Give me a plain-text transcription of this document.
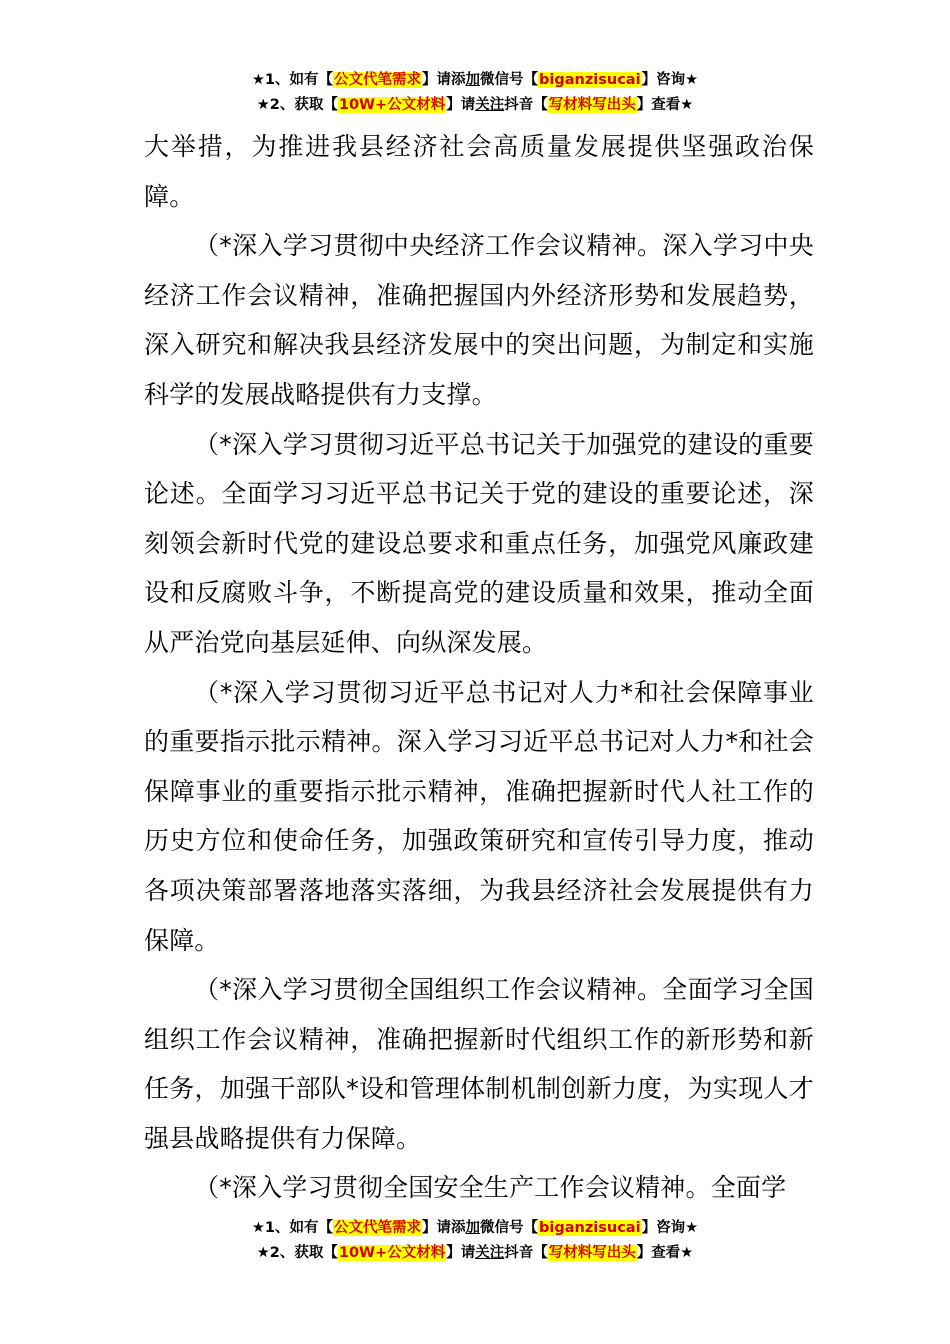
★1、如有【公文代笔需求】请添加微信号【biganzisucai】咨询★
★2、获取【10W+公文材料】请关注抖音【写材料写出头】查看★

大举措，为推进我县经济社会高质量发展提供坚强政治保障。

（*深入学习贯彻中央经济工作会议精神。深入学习中央经济工作会议精神，准确把握国内外经济形势和发展趋势，深入研究和解决我县经济发展中的突出问题，为制定和实施科学的发展战略提供有力支撑。

（*深入学习贯彻习近平总书记关于加强党的建设的重要论述。全面学习习近平总书记关于党的建设的重要论述，深刻领会新时代党的建设总要求和重点任务，加强党风廉政建设和反腐败斗争，不断提高党的建设质量和效果，推动全面从严治党向基层延伸、向纵深发展。

（*深入学习贯彻习近平总书记对人力*和社会保障事业的重要指示批示精神。深入学习习近平总书记对人力*和社会保障事业的重要指示批示精神，准确把握新时代人社工作的历史方位和使命任务，加强政策研究和宣传引导力度，推动各项决策部署落地落实落细，为我县经济社会发展提供有力保障。

（*深入学习贯彻全国组织工作会议精神。全面学习全国组织工作会议精神，准确把握新时代组织工作的新形势和新任务，加强干部队*设和管理体制机制创新力度，为实现人才强县战略提供有力保障。

（*深入学习贯彻全国安全生产工作会议精神。全面学

★1、如有【公文代笔需求】请添加微信号【biganzisucai】咨询★
★2、获取【10W+公文材料】请关注抖音【写材料写出头】查看★
